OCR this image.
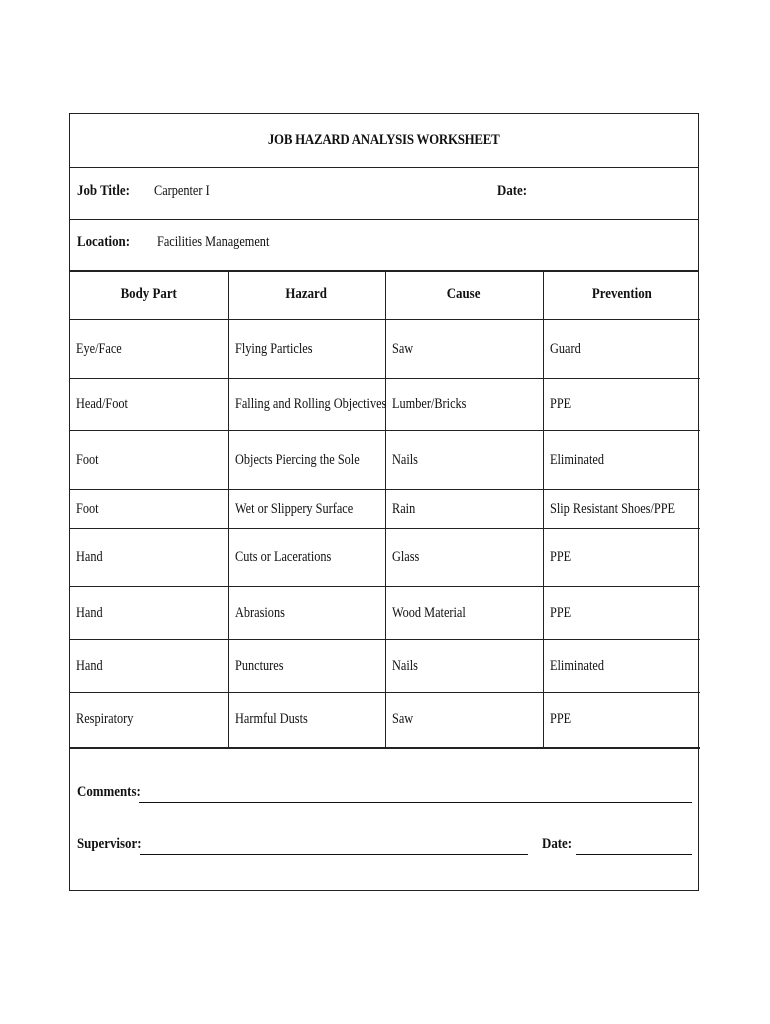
JOB HAZARD ANALYSIS WORKSHEET
Job Title: Carpenter I	Date:
Location: Facilities Management
Body Part	Hazard	Cause	Prevention
Eye/Face	Flying Particles	Saw	Guard
Head/Foot	Falling and Rolling Objectives	Lumber/Bricks	PPE
Foot	Objects Piercing the Sole	Nails	Eliminated
Foot	Wet or Slippery Surface	Rain	Slip Resistant Shoes/PPE
Hand	Cuts or Lacerations	Glass	PPE
Hand	Abrasions	Wood Material	PPE
Hand	Punctures	Nails	Eliminated
Respiratory	Harmful Dusts	Saw	PPE
Comments:
Supervisor:	Date:
